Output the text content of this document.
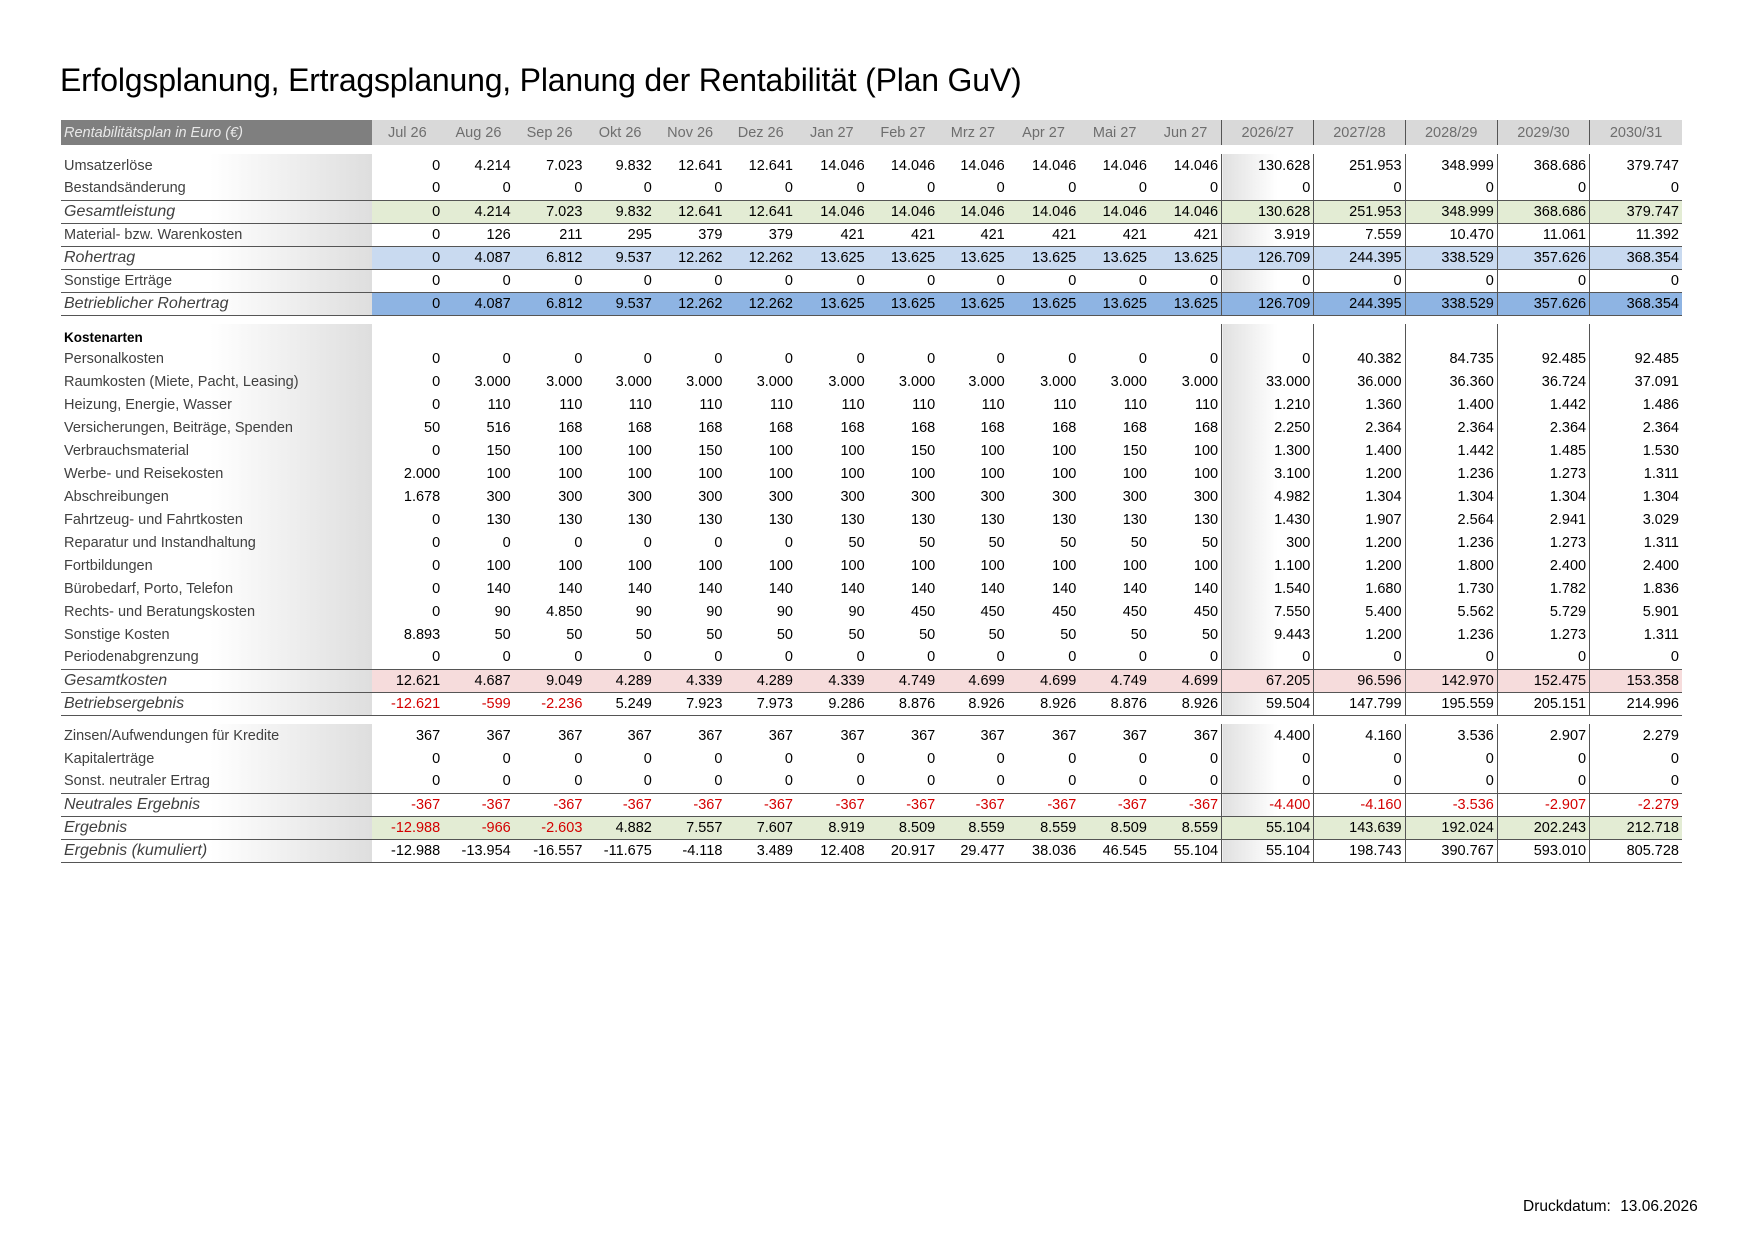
Erfolgsplanung, Ertragsplanung, Planung der Rentabilität (Plan GuV)
Rentabilitätsplan in Euro (€)	Jul 26	Aug 26	Sep 26	Okt 26	Nov 26	Dez 26	Jan 27	Feb 27	Mrz 27	Apr 27	Mai 27	Jun 27	2026/27	2027/28	2028/29	2029/30	2030/31

Umsatzerlöse	0	4.214	7.023	9.832	12.641	12.641	14.046	14.046	14.046	14.046	14.046	14.046	130.628	251.953	348.999	368.686	379.747
Bestandsänderung	0	0	0	0	0	0	0	0	0	0	0	0	0	0	0	0	0
Gesamtleistung	0	4.214	7.023	9.832	12.641	12.641	14.046	14.046	14.046	14.046	14.046	14.046	130.628	251.953	348.999	368.686	379.747
Material- bzw. Warenkosten	0	126	211	295	379	379	421	421	421	421	421	421	3.919	7.559	10.470	11.061	11.392
Rohertrag	0	4.087	6.812	9.537	12.262	12.262	13.625	13.625	13.625	13.625	13.625	13.625	126.709	244.395	338.529	357.626	368.354
Sonstige Erträge	0	0	0	0	0	0	0	0	0	0	0	0	0	0	0	0	0
Betrieblicher Rohertrag	0	4.087	6.812	9.537	12.262	12.262	13.625	13.625	13.625	13.625	13.625	13.625	126.709	244.395	338.529	357.626	368.354

Kostenarten																	
Personalkosten	0	0	0	0	0	0	0	0	0	0	0	0	0	40.382	84.735	92.485	92.485
Raumkosten (Miete, Pacht, Leasing)	0	3.000	3.000	3.000	3.000	3.000	3.000	3.000	3.000	3.000	3.000	3.000	33.000	36.000	36.360	36.724	37.091
Heizung, Energie, Wasser	0	110	110	110	110	110	110	110	110	110	110	110	1.210	1.360	1.400	1.442	1.486
Versicherungen, Beiträge, Spenden	50	516	168	168	168	168	168	168	168	168	168	168	2.250	2.364	2.364	2.364	2.364
Verbrauchsmaterial	0	150	100	100	150	100	100	150	100	100	150	100	1.300	1.400	1.442	1.485	1.530
Werbe- und Reisekosten	2.000	100	100	100	100	100	100	100	100	100	100	100	3.100	1.200	1.236	1.273	1.311
Abschreibungen	1.678	300	300	300	300	300	300	300	300	300	300	300	4.982	1.304	1.304	1.304	1.304
Fahrtzeug- und Fahrtkosten	0	130	130	130	130	130	130	130	130	130	130	130	1.430	1.907	2.564	2.941	3.029
Reparatur und Instandhaltung	0	0	0	0	0	0	50	50	50	50	50	50	300	1.200	1.236	1.273	1.311
Fortbildungen	0	100	100	100	100	100	100	100	100	100	100	100	1.100	1.200	1.800	2.400	2.400
Bürobedarf, Porto, Telefon	0	140	140	140	140	140	140	140	140	140	140	140	1.540	1.680	1.730	1.782	1.836
Rechts- und Beratungskosten	0	90	4.850	90	90	90	90	450	450	450	450	450	7.550	5.400	5.562	5.729	5.901
Sonstige Kosten	8.893	50	50	50	50	50	50	50	50	50	50	50	9.443	1.200	1.236	1.273	1.311
Periodenabgrenzung	0	0	0	0	0	0	0	0	0	0	0	0	0	0	0	0	0
Gesamtkosten	12.621	4.687	9.049	4.289	4.339	4.289	4.339	4.749	4.699	4.699	4.749	4.699	67.205	96.596	142.970	152.475	153.358
Betriebsergebnis	-12.621	-599	-2.236	5.249	7.923	7.973	9.286	8.876	8.926	8.926	8.876	8.926	59.504	147.799	195.559	205.151	214.996

Zinsen/Aufwendungen für Kredite	367	367	367	367	367	367	367	367	367	367	367	367	4.400	4.160	3.536	2.907	2.279
Kapitalerträge	0	0	0	0	0	0	0	0	0	0	0	0	0	0	0	0	0
Sonst. neutraler Ertrag	0	0	0	0	0	0	0	0	0	0	0	0	0	0	0	0	0
Neutrales Ergebnis	-367	-367	-367	-367	-367	-367	-367	-367	-367	-367	-367	-367	-4.400	-4.160	-3.536	-2.907	-2.279
Ergebnis	-12.988	-966	-2.603	4.882	7.557	7.607	8.919	8.509	8.559	8.559	8.509	8.559	55.104	143.639	192.024	202.243	212.718
Ergebnis (kumuliert)	-12.988	-13.954	-16.557	-11.675	-4.118	3.489	12.408	20.917	29.477	38.036	46.545	55.104	55.104	198.743	390.767	593.010	805.728
Druckdatum: 13.06.2026
